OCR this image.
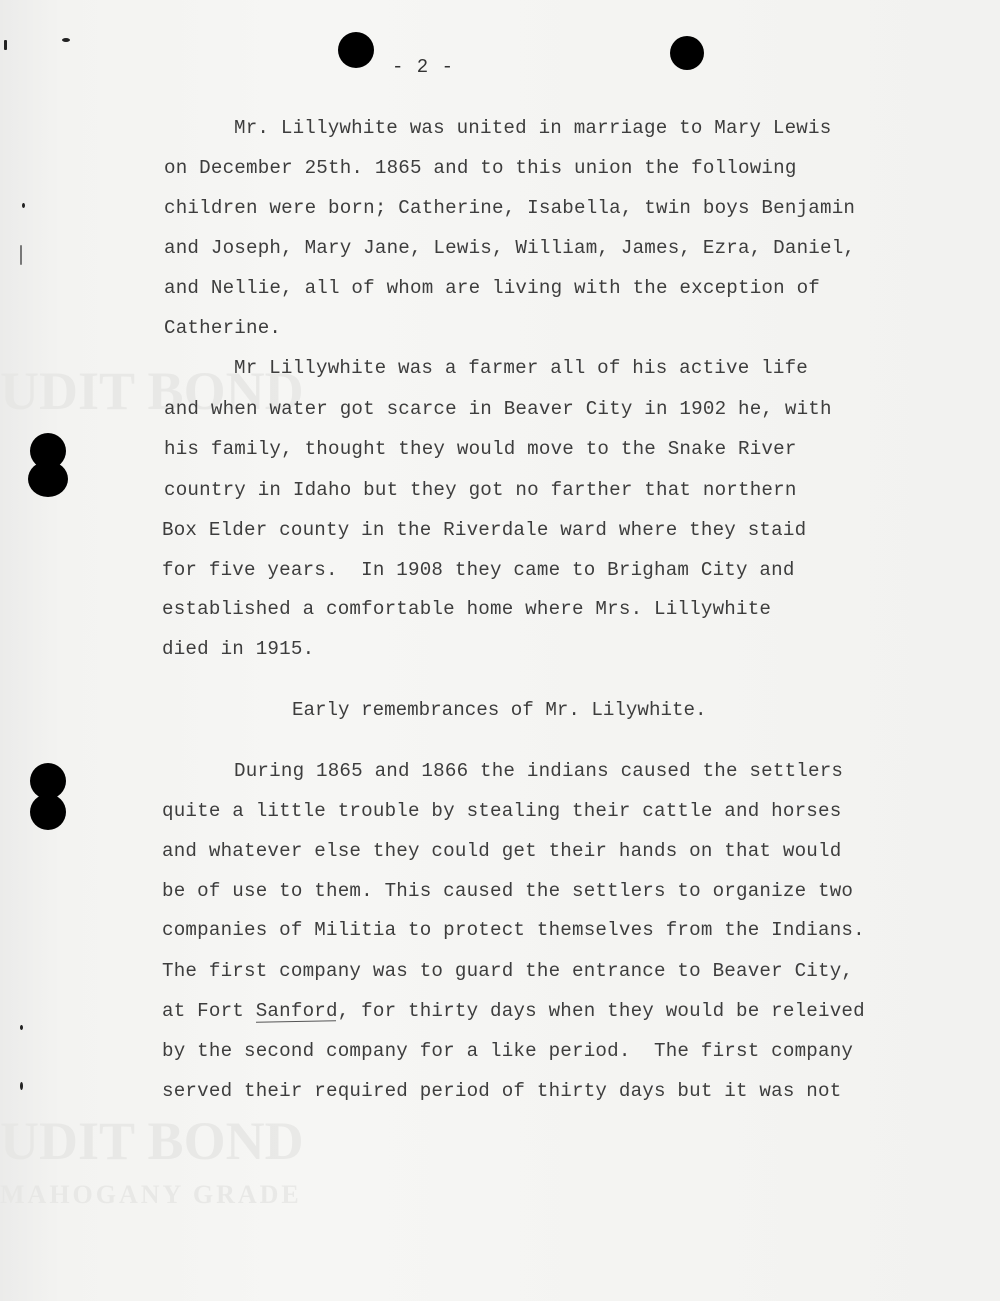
UDIT BOND
UDIT BOND
MAHOGANY GRADE
- 2 -
Mr. Lillywhite was united in marriage to Mary Lewis
on December 25th. 1865 and to this union the following
children were born; Catherine, Isabella, twin boys Benjamin
and Joseph, Mary Jane, Lewis, William, James, Ezra, Daniel,
and Nellie, all of whom are living with the exception of
Catherine.
Mr Lillywhite was a farmer all of his active life
and when water got scarce in Beaver City in 1902 he, with
his family, thought they would move to the Snake River
country in Idaho but they got no farther that northern
Box Elder county in the Riverdale ward where they staid
for five years.  In 1908 they came to Brigham City and
established a comfortable home where Mrs. Lillywhite
died in 1915.
Early remembrances of Mr. Lilywhite.
During 1865 and 1866 the indians caused the settlers
quite a little trouble by stealing their cattle and horses
and whatever else they could get their hands on that would
be of use to them. This caused the settlers to organize two
companies of Militia to protect themselves from the Indians.
The first company was to guard the entrance to Beaver City,
at Fort Sanford, for thirty days when they would be releived
by the second company for a like period.  The first company
served their required period of thirty days but it was not
